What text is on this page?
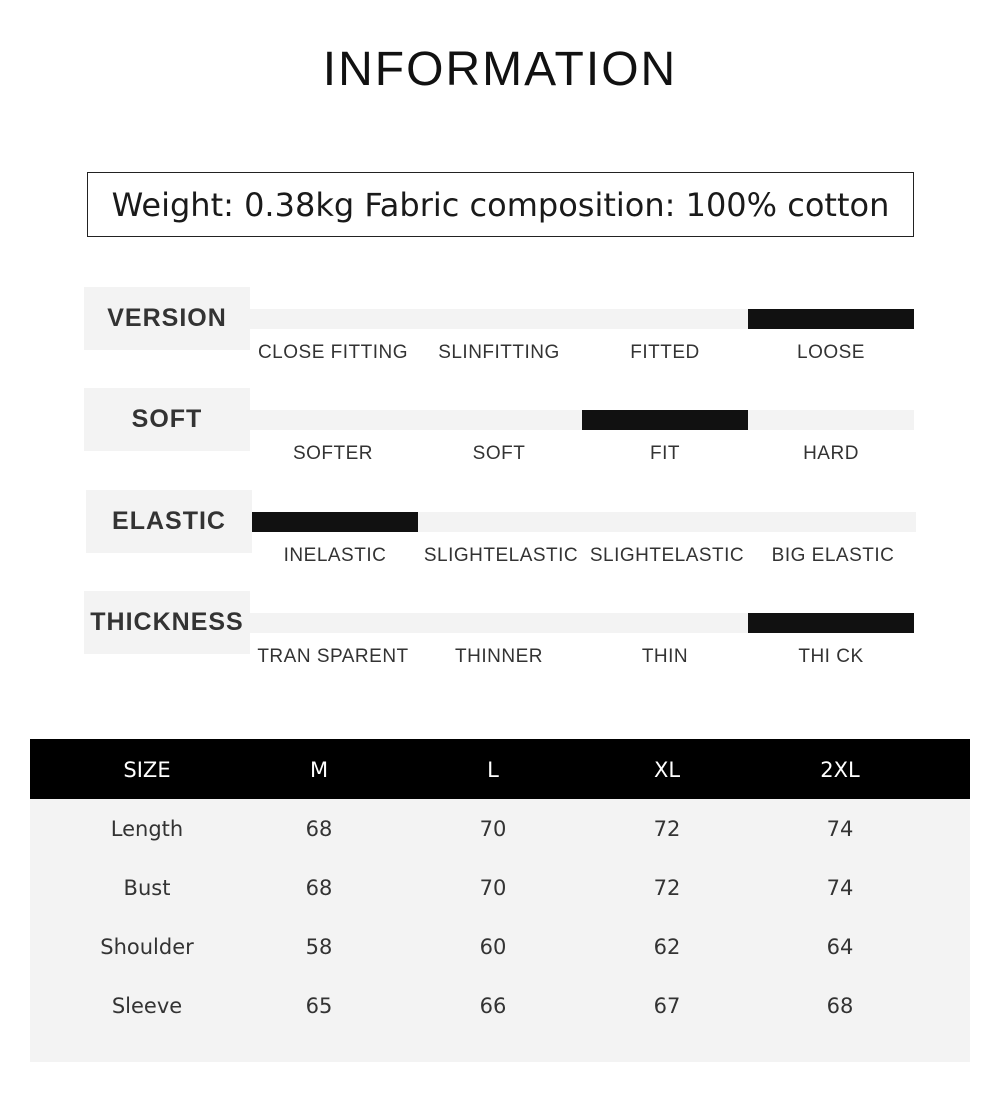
INFORMATION
Weight: 0.38kg Fabric composition: 100% cotton
VERSION
CLOSE FITTING	SLINFITTING	FITTED	LOOSE
SOFT
SOFTER	SOFT	FIT	HARD
ELASTIC
INELASTIC	SLIGHTELASTIC SLIGHTELASTIC	BIG ELASTIC
THICKNESS
TRAN SPARENT	THINNER	THIN	THI CK
SIZE	M	L	XL	2XL
Length	68	70	72	74
Bust	68	70	72	74
Shoulder	58	60	62	64
Sleeve	65	66	67	68
